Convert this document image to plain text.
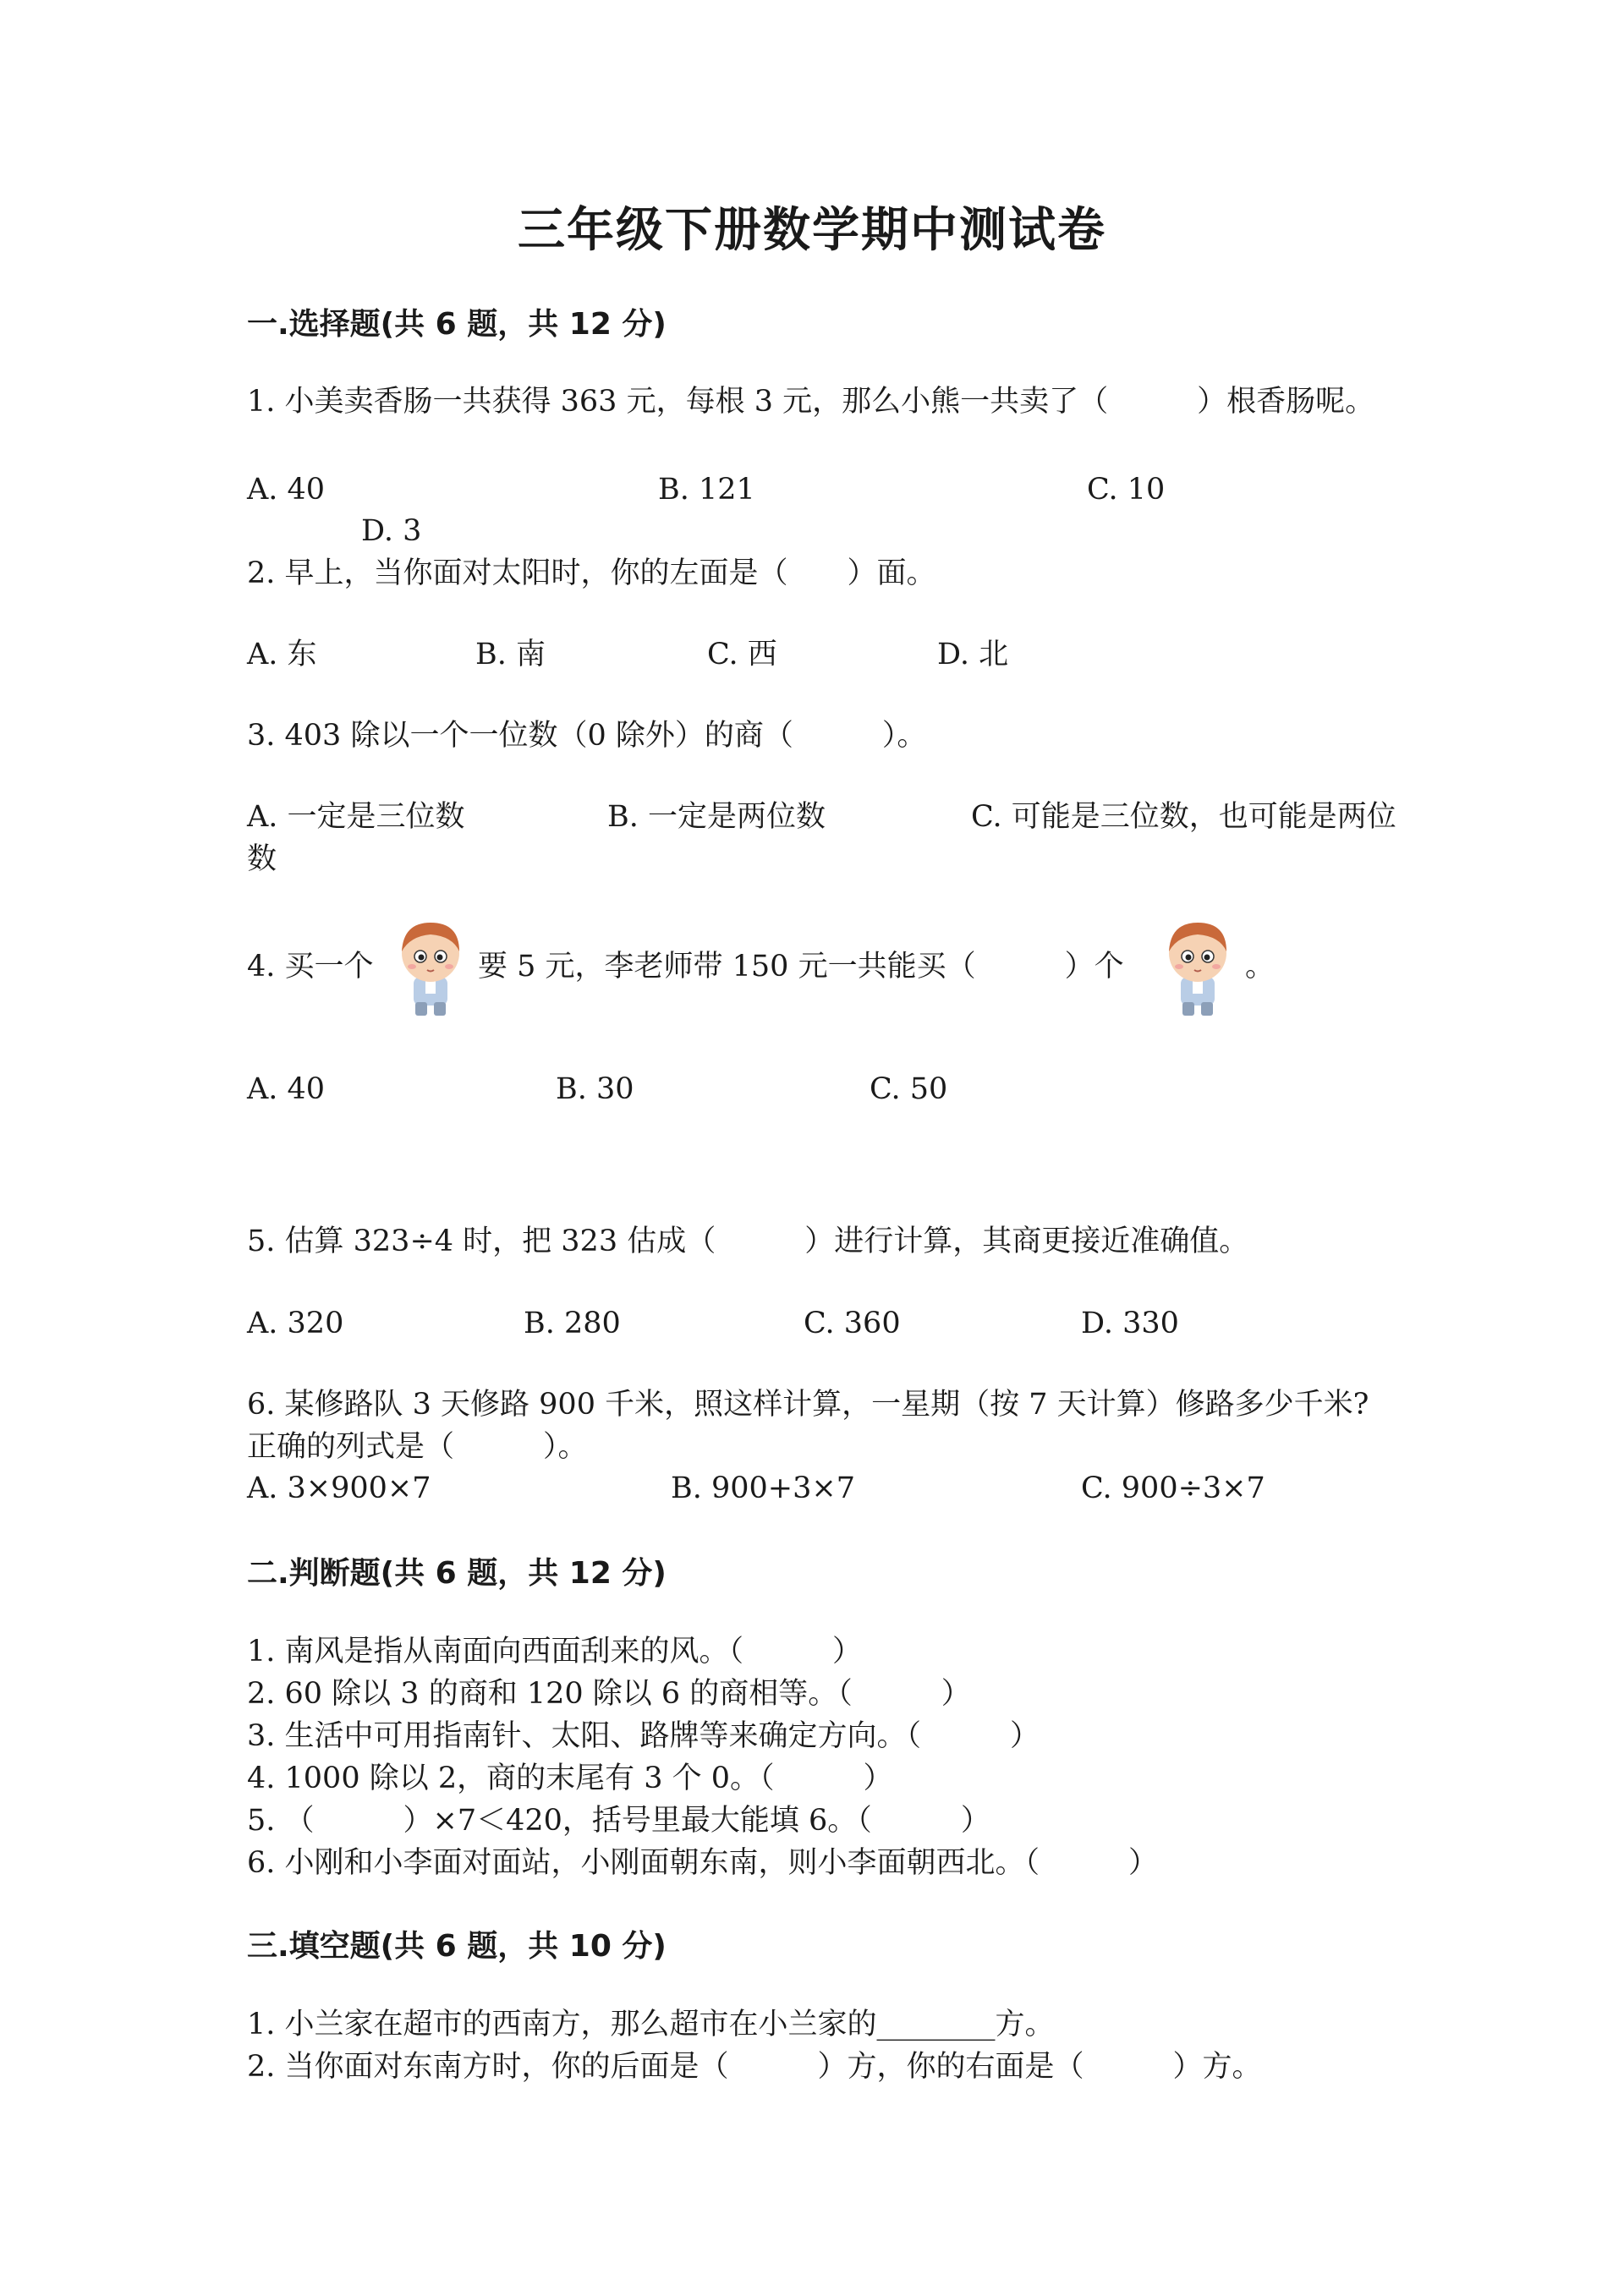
三年级下册数学期中测试卷
一.选择题(共 6 题，共 12 分)
1. 小美卖香肠一共获得 363 元，每根 3 元，那么小熊一共卖了（　　　）根香肠呢。
A. 40	B. 121	C. 10
D. 3
2. 早上，当你面对太阳时，你的左面是（　　）面。
A. 东	B. 南	C. 西	D. 北
3. 403 除以一个一位数（0 除外）的商（　　　）。
A. 一定是三位数	B. 一定是两位数	C. 可能是三位数，也可能是两位数
4. 买一个	要 5 元，李老师带 150 元一共能买（　　　）个	。
A. 40	B. 30	C. 50
5. 估算 323÷4 时，把 323 估成（　　　）进行计算，其商更接近准确值。
A. 320	B. 280	C. 360	D. 330
6. 某修路队 3 天修路 900 千米，照这样计算，一星期（按 7 天计算）修路多少千米?正确的列式是（　　　）。
A. 3×900×7	B. 900+3×7	C. 900÷3×7
二.判断题(共 6 题，共 12 分)
1. 南风是指从南面向西面刮来的风。（　　　）
2. 60 除以 3 的商和 120 除以 6 的商相等。（　　　）
3. 生活中可用指南针、太阳、路牌等来确定方向。（　　　）
4. 1000 除以 2，商的末尾有 3 个 0。（　　　）
5. （　　　）×7＜420，括号里最大能填 6。（　　　）
6. 小刚和小李面对面站，小刚面朝东南，则小李面朝西北。（　　　）
三.填空题(共 6 题，共 10 分)
1. 小兰家在超市的西南方，那么超市在小兰家的________方。
2. 当你面对东南方时，你的后面是（　　　）方，你的右面是（　　　）方。
